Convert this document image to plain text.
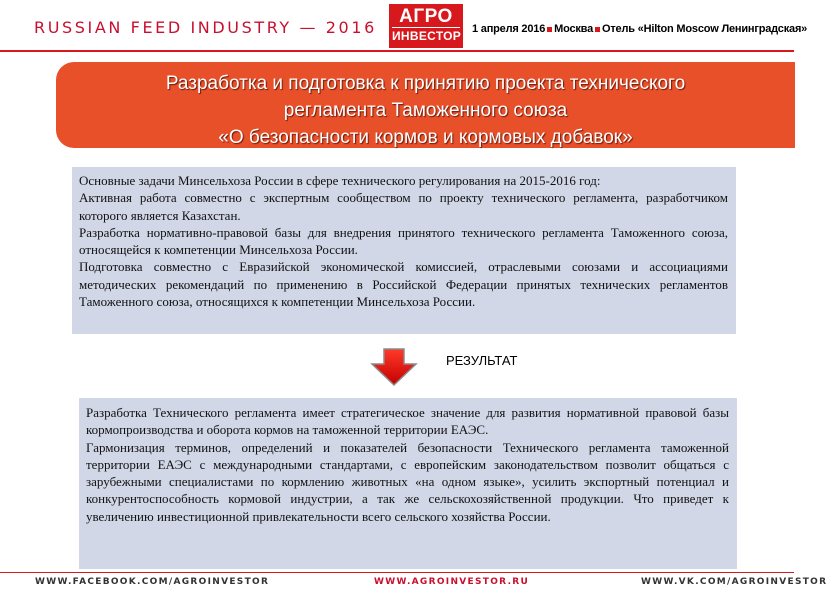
RUSSIAN FEED INDUSTRY — 2016
АГРО
ИНВЕСТОР 1 апреля 2016 Москва Отель «Hilton Moscow Ленинградская»
Разработка и подготовка к принятию проекта технического
регламента Таможенного союза
«О безопасности кормов и кормовых добавок»

Основные задачи Минсельхоза России в сфере технического регулирования на 2015-2016 год:

Активная работа совместно с экспертным сообществом по проекту технического регламента, разработчиком которого является Казахстан.

Разработка нормативно-правовой базы для внедрения принятого технического регламента Таможенного союза, относящейся к компетенции Минсельхоза России.

Подготовка совместно с Евразийской экономической комиссией, отраслевыми союзами и ассоциациями методических рекомендаций по применению в Российской Федерации принятых технических регламентов Таможенного союза, относящихся к компетенции Минсельхоза России.

РЕЗУЛЬТАТ

Разработка Технического регламента имеет стратегическое значение для развития нормативной правовой базы кормопроизводства и оборота кормов на таможенной территории ЕАЭС.

Гармонизация терминов, определений и показателей безопасности Технического регламента таможенной территории ЕАЭС с международными стандартами, с европейским законодательством позволит общаться с зарубежными специалистами по кормлению животных «на одном языке», усилить экспортный потенциал и конкурентоспособность кормовой индустрии, а так же сельскохозяйственной продукции. Что приведет к увеличению инвестиционной привлекательности всего сельского хозяйства России.

WWW.FACEBOOK.COM/AGROINVESTOR	WWW.AGROINVESTOR.RU	WWW.VK.COM/AGROINVESTOR
